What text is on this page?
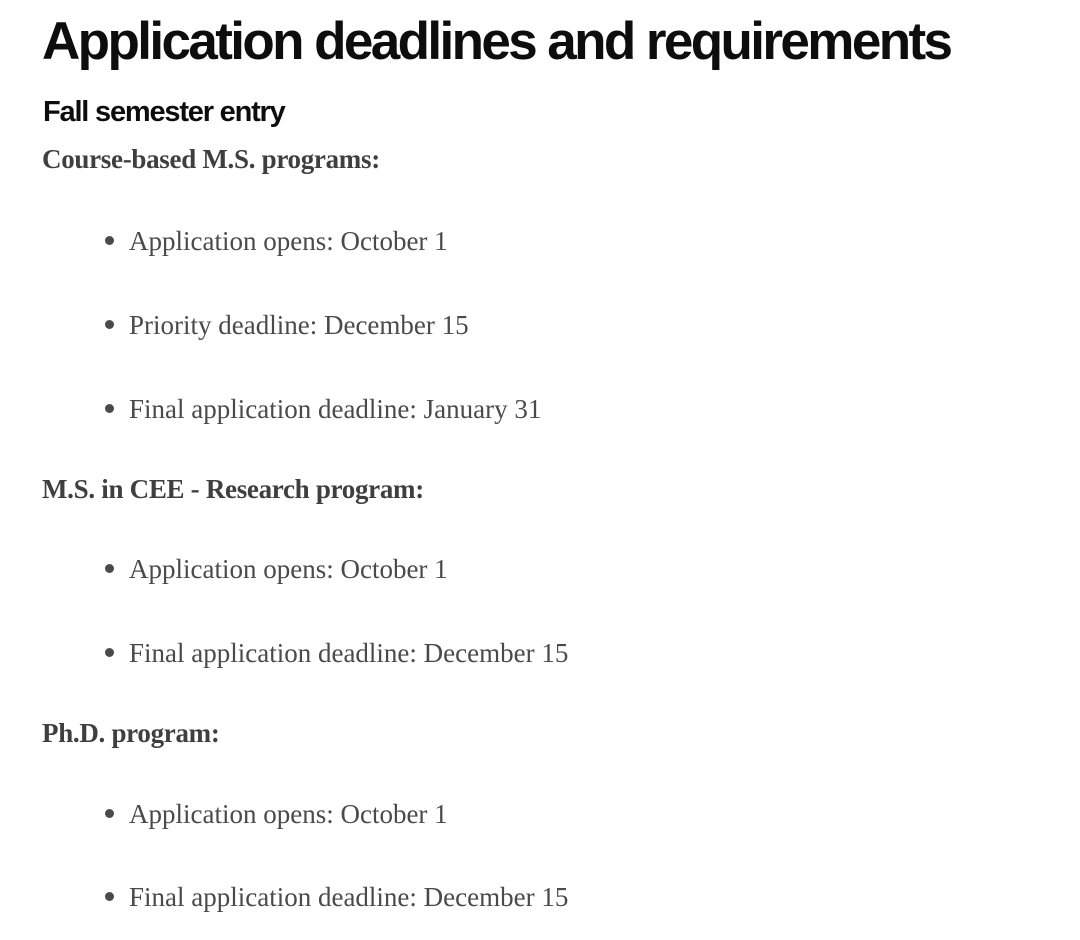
Application deadlines and requirements
Fall semester entry
Course-based M.S. programs:
Application opens: October 1
Priority deadline: December 15
Final application deadline: January 31
M.S. in CEE - Research program:
Application opens: October 1
Final application deadline: December 15
Ph.D. program:
Application opens: October 1
Final application deadline: December 15
